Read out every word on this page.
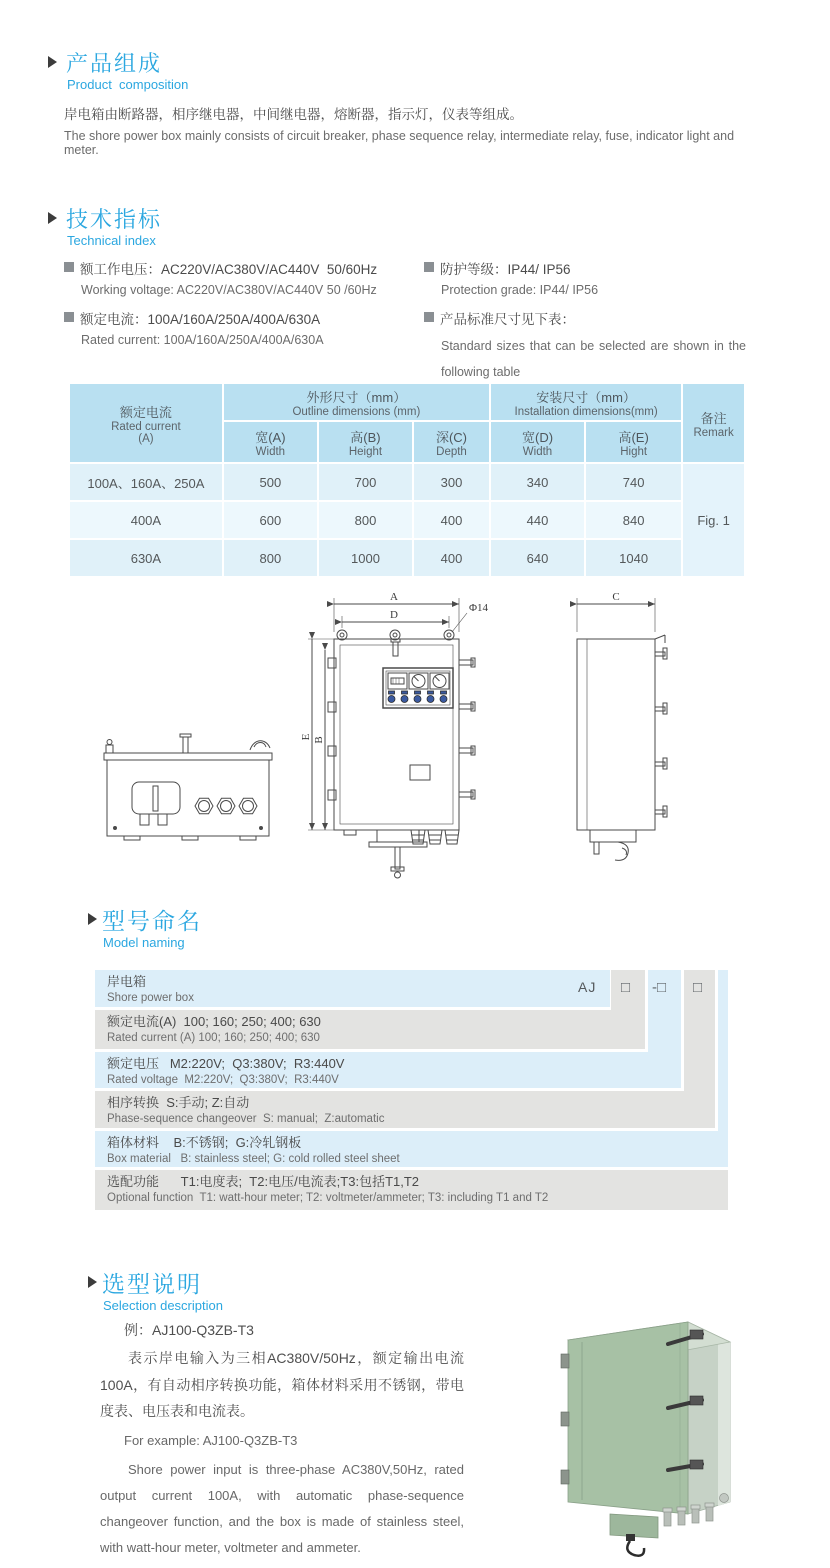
产品组成
Product  composition
岸电箱由断路器，相序继电器，中间继电器，熔断器，指示灯，仪表等组成。
The shore power box mainly consists of circuit breaker, phase sequence relay, intermediate relay, fuse, indicator light and meter.
技术指标
Technical index
额工作电压：AC220V/AC380V/AC440V  50/60Hz
Working voltage: AC220V/AC380V/AC440V 50 /60Hz
额定电流：100A/160A/250A/400A/630A
Rated current: 100A/160A/250A/400A/630A
防护等级：IP44/ IP56
Protection grade: IP44/ IP56
产品标准尺寸见下表：
Standard sizes that can be selected are shown in the following table
额定电流
Rated current
(A)

外形尺寸（mm）
Outline dimensions (mm)

安装尺寸（mm）
Installation dimensions(mm)	备注
Remark

宽(A)
Width

高(B)
Height

深(C)
Depth

宽(D)
Width

高(E)
Hight

100A、160A、250A	500	700	300	340	740	Fig. 1
400A	600	800	400	440	840	
630A	800	1000	400	640	1040	
A
D
Φ14
E B
C
型号命名
Model naming
岸电箱
Shore power box
额定电流(A)  100; 160; 250; 400; 630
Rated current (A) 100; 160; 250; 400; 630
额定电压   M2:220V;  Q3:380V;  R3:440V
Rated voltage  M2:220V;  Q3:380V;  R3:440V
相序转换  S:手动; Z:自动
Phase-sequence changeover  S: manual;  Z:automatic
箱体材料    B:不锈钢;  G:冷轧钢板
Box material   B: stainless steel; G: cold rolled steel sheet
选配功能      T1:电度表;  T2:电压/电流表;T3:包括T1,T2
Optional function  T1: watt-hour meter; T2: voltmeter/ammeter; T3: including T1 and T2
AJ □ -□ □
选型说明
Selection description
例：AJ100-Q3ZB-T3
表示岸电输入为三相AC380V/50Hz，额定输出电流100A，有自动相序转换功能，箱体材料采用不锈钢，带电度表、电压表和电流表。
For example: AJ100-Q3ZB-T3
Shore power input is three-phase AC380V,50Hz, rated output current 100A, with automatic phase-sequence changeover function, and the box is made of stainless steel, with watt-hour meter, voltmeter and ammeter.
